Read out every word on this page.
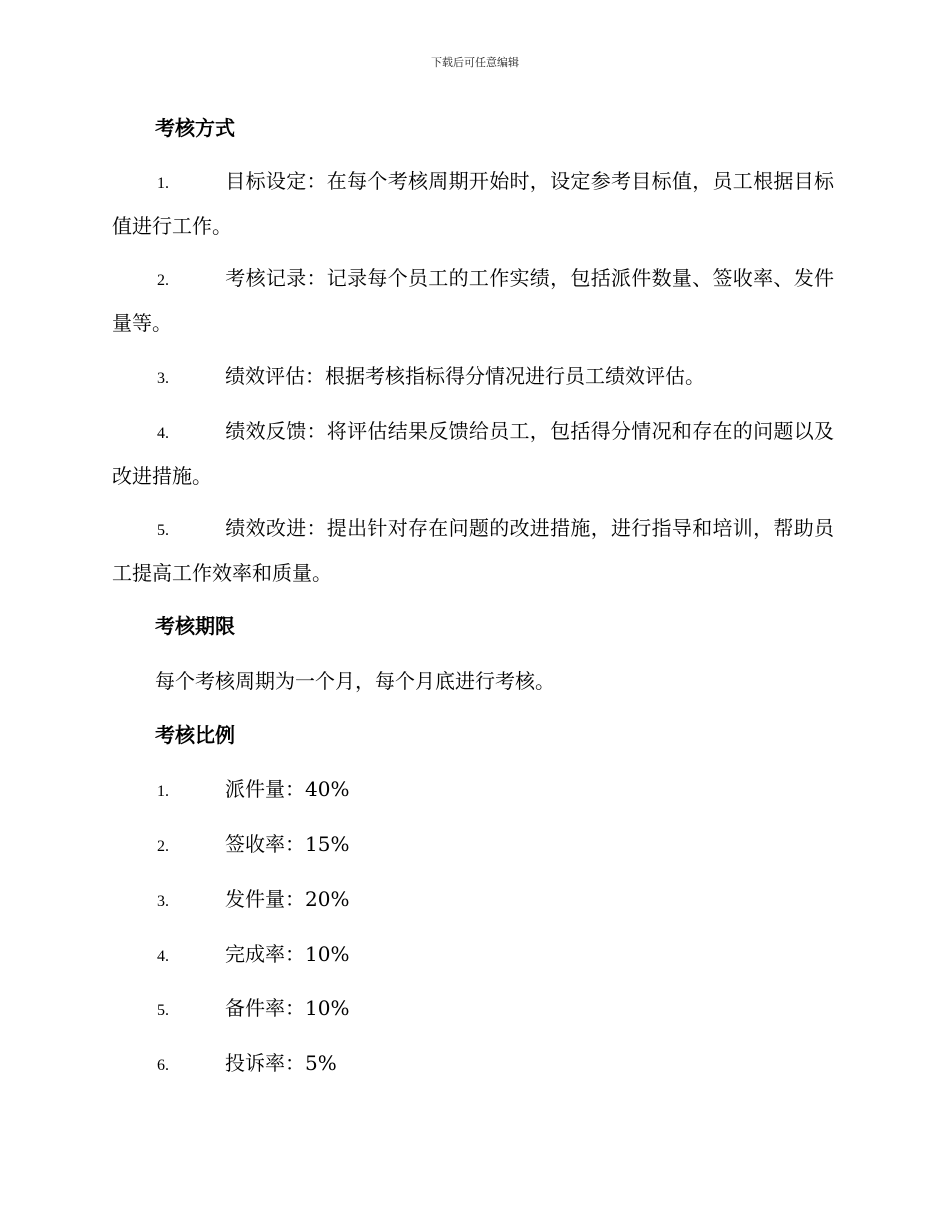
下载后可任意编辑
考核方式
1.	目标设定：在每个考核周期开始时，设定参考目标值，员工根据目标值进行工作。
2.	考核记录：记录每个员工的工作实绩，包括派件数量、签收率、发件量等。
3.	绩效评估：根据考核指标得分情况进行员工绩效评估。
4.	绩效反馈：将评估结果反馈给员工，包括得分情况和存在的问题以及改进措施。
5.	绩效改进：提出针对存在问题的改进措施，进行指导和培训，帮助员工提高工作效率和质量。
考核期限
每个考核周期为一个月，每个月底进行考核。
考核比例
1.	派件量：40%
2.	签收率：15%
3.	发件量：20%
4.	完成率：10%
5.	备件率：10%
6.	投诉率：5%
